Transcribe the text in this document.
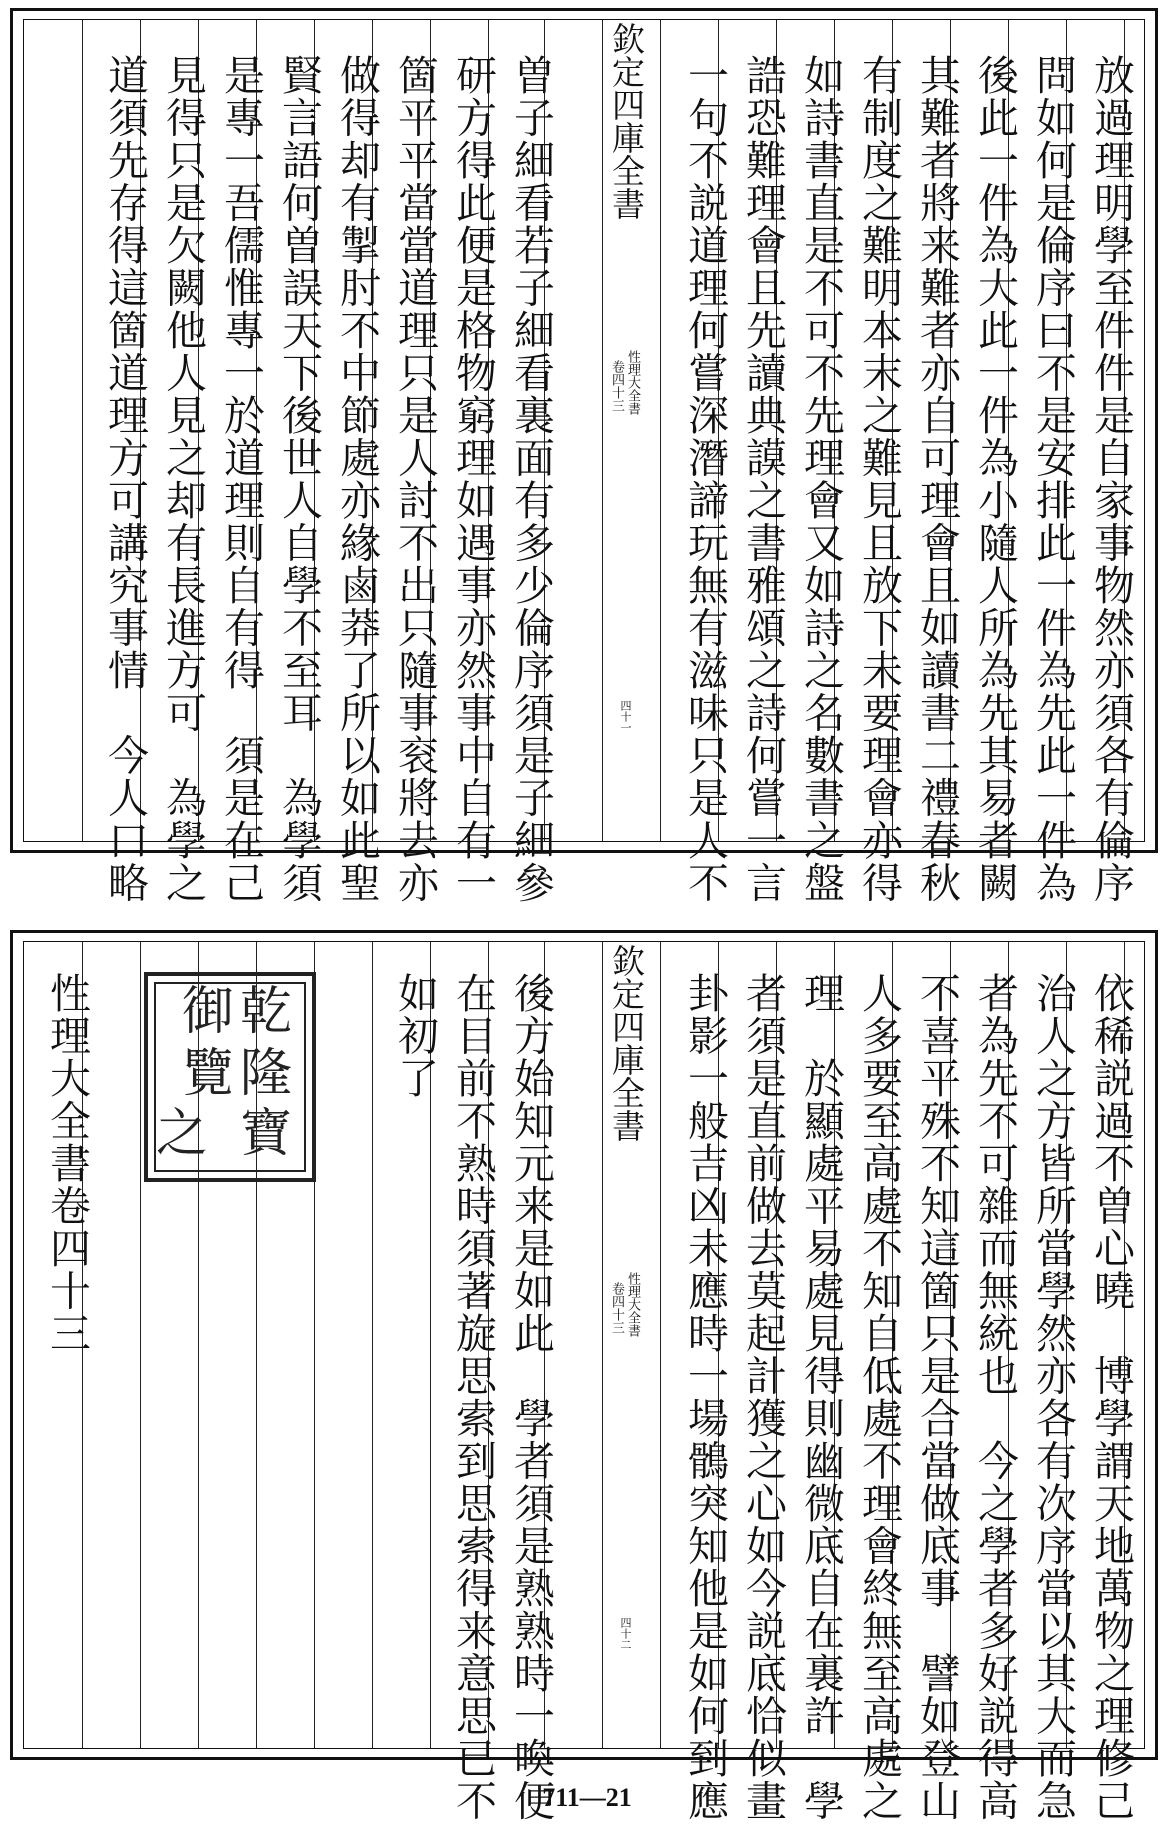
放過理明學至件件是自家事物然亦須各有倫序
問如何是倫序曰不是安排此一件為先此一件為
後此一件為大此一件為小隨人所為先其易者闕
其難者將来難者亦自可理會且如讀書二禮春秋
有制度之難明本末之難見且放下未要理會亦得
如詩書直是不可不先理會又如詩之名數書之盤
誥恐難理會且先讀典謨之書雅頌之詩何嘗一言
一句不説道理何嘗深潛諦玩無有滋味只是人不
欽定四庫全書
性理大全書
卷四十三
四十一
曽子細看若子細看裏面有多少倫序須是子細參
研方得此便是格物窮理如遇事亦然事中自有一
箇平平當當道理只是人討不出只隨事衮將去亦
做得却有掣肘不中節處亦緣鹵莽了所以如此聖
賢言語何曽誤天下後世人自學不至耳　為學須
是專一吾儒惟專一於道理則自有得　須是在己
見得只是欠闕他人見之却有長進方可　為學之
道須先存得這箇道理方可講究事情　今人口略
依稀説過不曽心曉　博學謂天地萬物之理修己
治人之方皆所當學然亦各有次序當以其大而急
者為先不可雜而無統也　今之學者多好説得高
不喜平殊不知這箇只是合當做底事　譬如登山
人多要至高處不知自低處不理會終無至高處之
理　於顯處平易處見得則幽微底自在裏許　學
者須是直前做去莫起計獲之心如今説底恰似畫
卦影一般吉凶未應時一場鶻突知他是如何到應
欽定四庫全書
性理大全書
卷四十三
四十二
後方始知元来是如此　學者須是熟熟時一喚便
在目前不熟時須著旋思索到思索得来意思已不
如初了
乾
隆
御
覽
之 寶
性理大全書卷四十三
711—21
